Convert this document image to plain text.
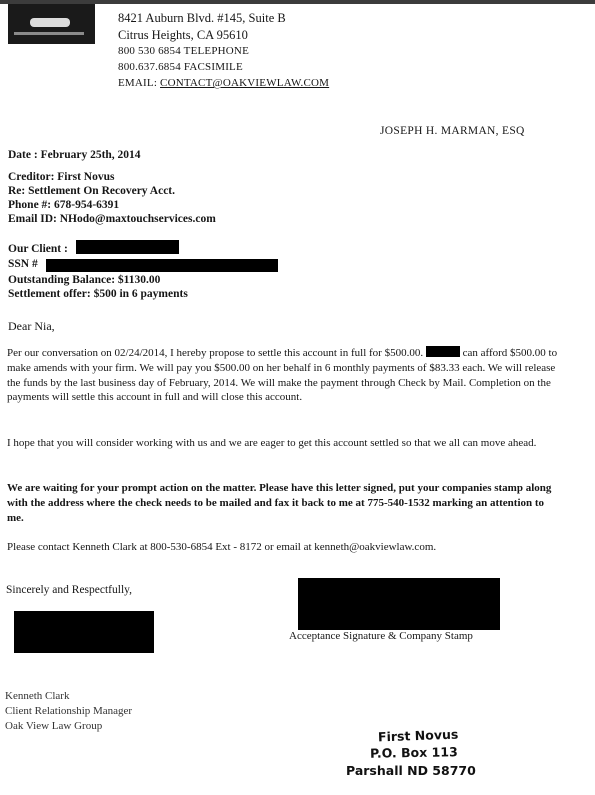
8421 Auburn Blvd. #145, Suite B
Citrus Heights, CA 95610
800 530 6854 TELEPHONE
800.637.6854 FACSIMILE
EMAIL: CONTACT@OAKVIEWLAW.COM
JOSEPH H. MARMAN, ESQ
Date : February 25th, 2014
Creditor: First Novus
Re: Settlement On Recovery Acct.
Phone #: 678-954-6391
Email ID: NHodo@maxtouchservices.com
Our Client :
SSN #
Outstanding Balance: $1130.00
Settlement offer: $500 in 6 payments
Dear Nia,
Per our conversation on 02/24/2014, I hereby propose to settle this account in full for $500.00.	can afford $500.00 to make amends with your firm. We will pay you $500.00 on her behalf in 6 monthly payments of $83.33 each. We will release the funds by the last business day of February, 2014. We will make the payment through Check by Mail. Completion on the payments will settle this account in full and will close this account.
I hope that you will consider working with us and we are eager to get this account settled so that we all can move ahead.
We are waiting for your prompt action on the matter. Please have this letter signed, put your companies stamp along with the address where the check needs to be mailed and fax it back to me at 775-540-1532 marking an attention to me.
Please contact Kenneth Clark at 800-530-6854 Ext - 8172 or email at kenneth@oakviewlaw.com.
Sincerely and Respectfully,
Acceptance Signature & Company Stamp
Kenneth Clark
Client Relationship Manager
Oak View Law Group
First Novus
P.O. Box 113
Parshall ND 58770
